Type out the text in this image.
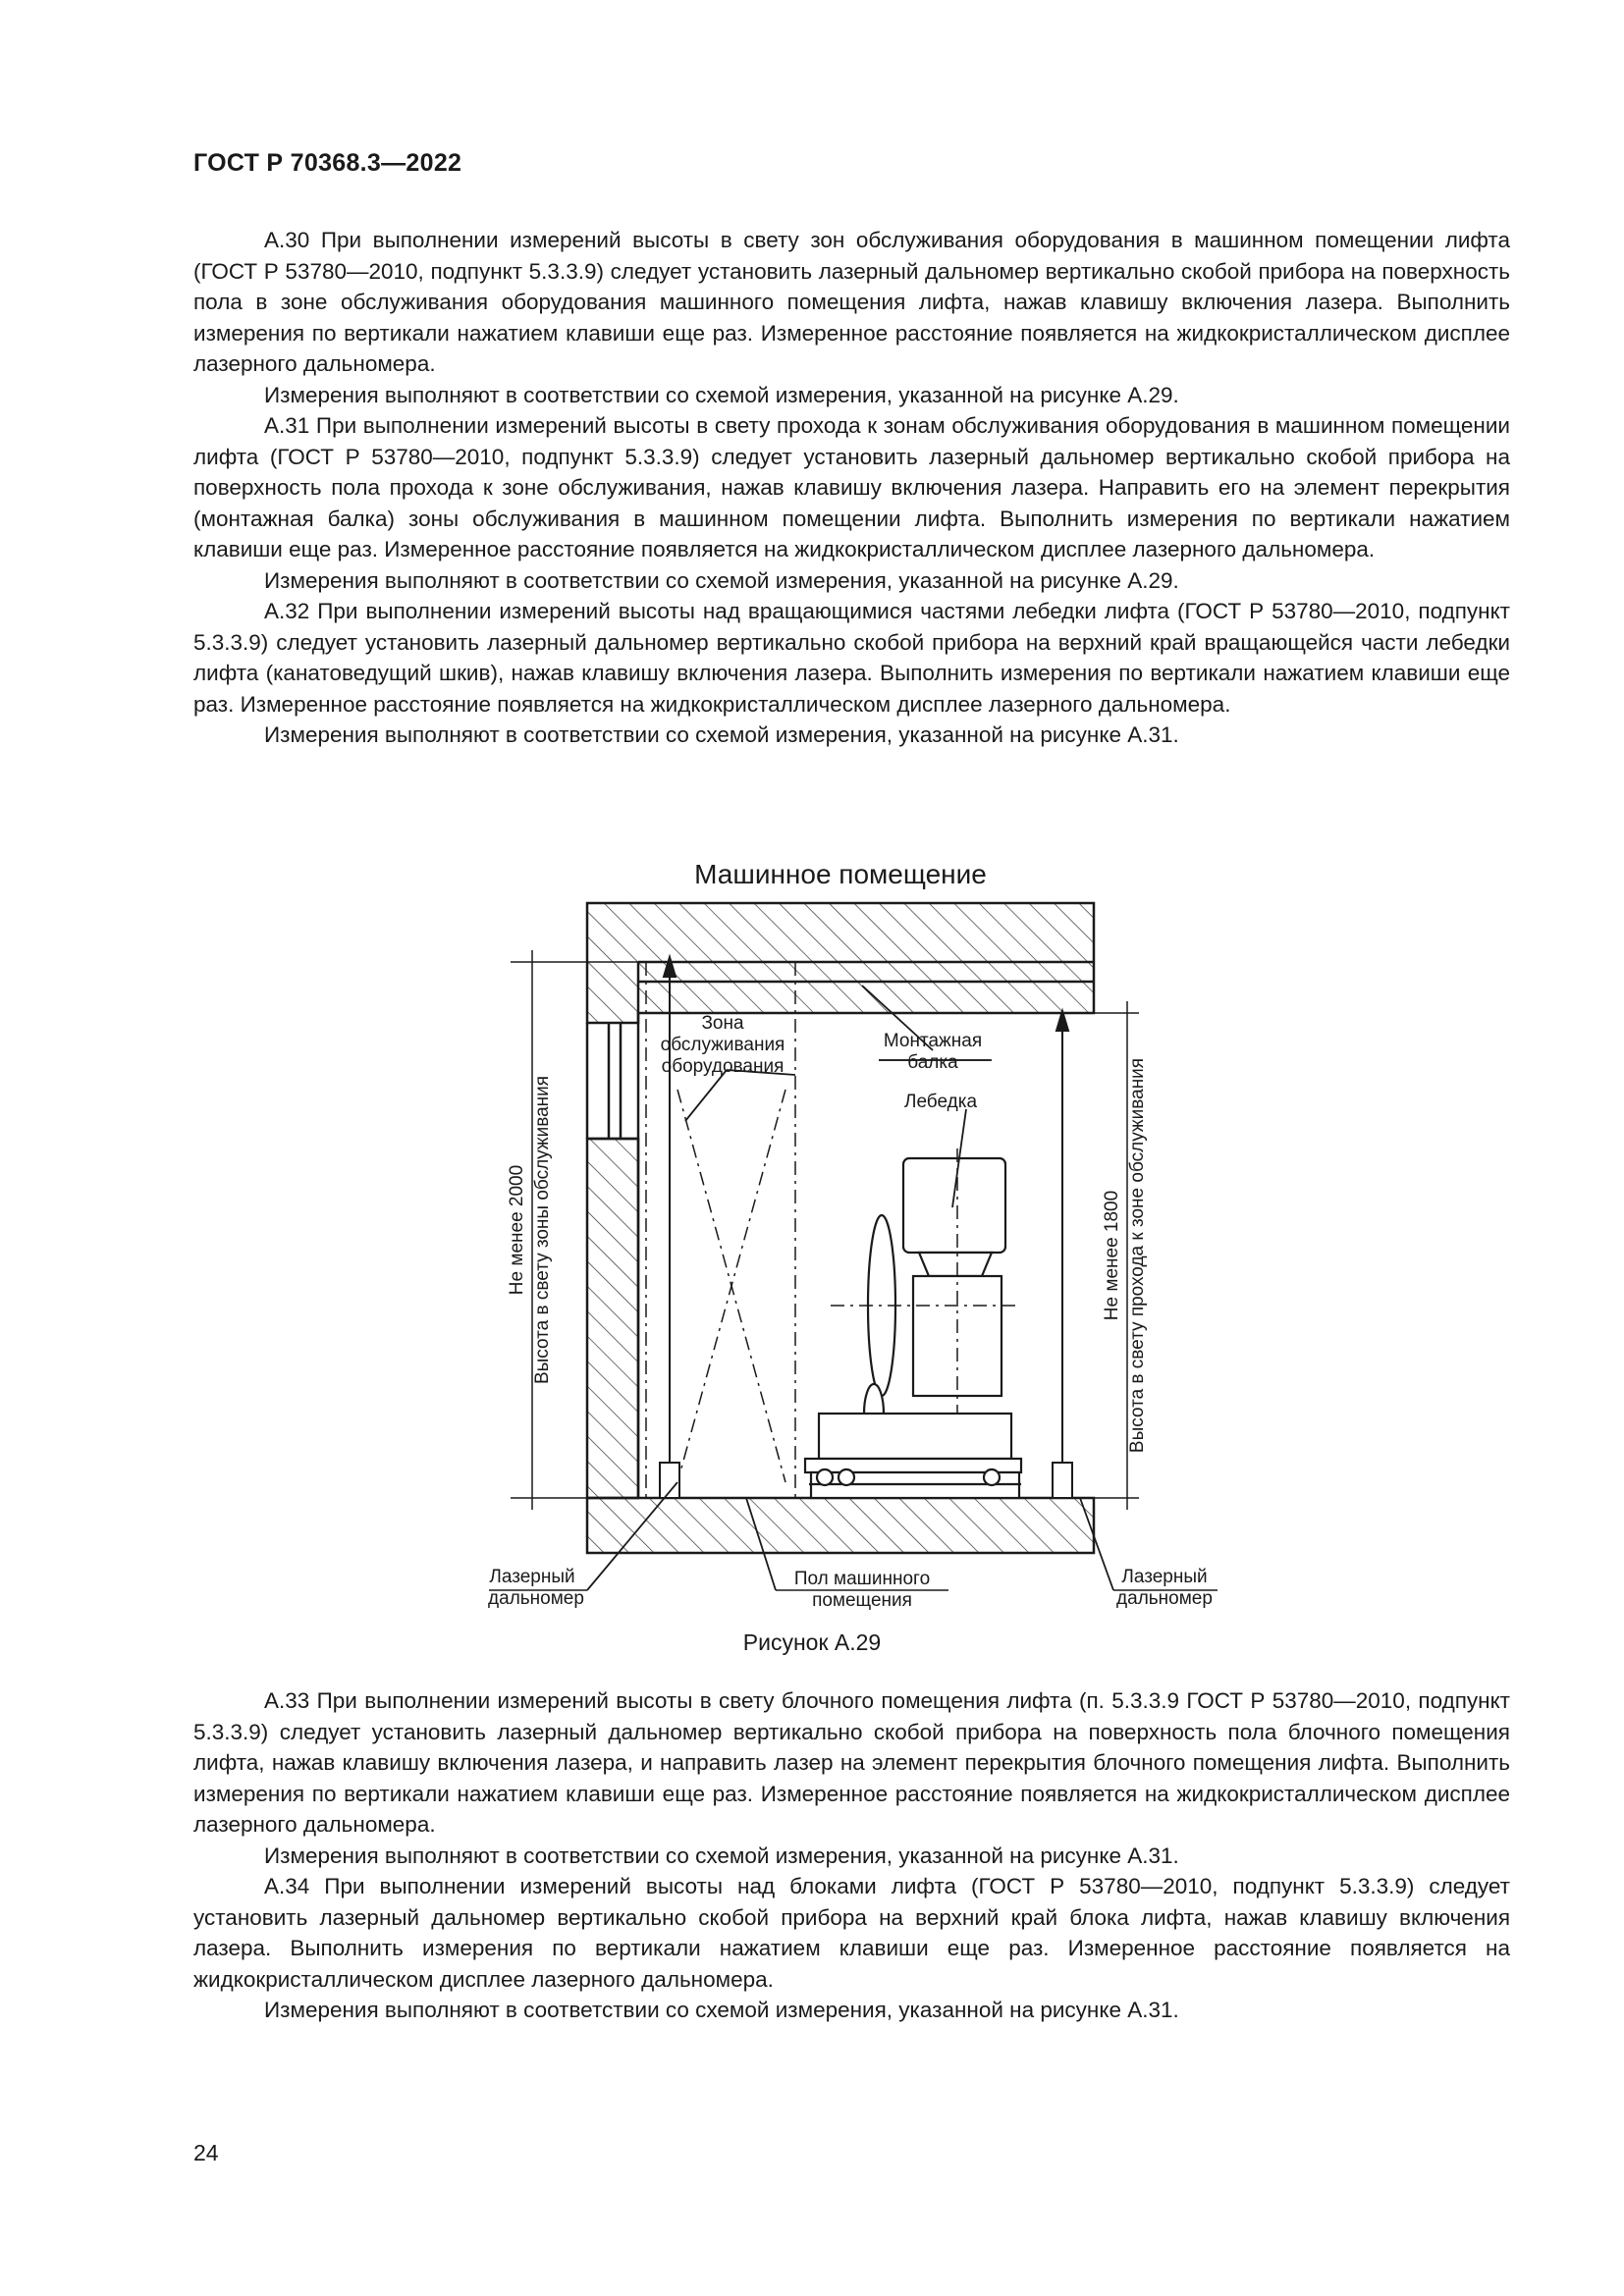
ГОСТ Р 70368.3—2022

А.30 При выполнении измерений высоты в свету зон обслуживания оборудования в машинном помещении лифта (ГОСТ Р 53780—2010, подпункт 5.3.3.9) следует установить лазерный дальномер вертикально скобой прибора на поверхность пола в зоне обслуживания оборудования машинного помещения лифта, нажав клавишу включения лазера. Выполнить измерения по вертикали нажатием клавиши еще раз. Измеренное расстояние появляется на жидкокристаллическом дисплее лазерного дальномера.

Измерения выполняют в соответствии со схемой измерения, указанной на рисунке А.29.

А.31 При выполнении измерений высоты в свету прохода к зонам обслуживания оборудования в машинном помещении лифта (ГОСТ Р 53780—2010, подпункт 5.3.3.9) следует установить лазерный дальномер вертикально скобой прибора на поверхность пола прохода к зоне обслуживания, нажав клавишу включения лазера. Направить его на элемент перекрытия (монтажная балка) зоны обслуживания в машинном помещении лифта. Выполнить измерения по вертикали нажатием клавиши еще раз. Измеренное расстояние появляется на жидкокристаллическом дисплее лазерного дальномера.

Измерения выполняют в соответствии со схемой измерения, указанной на рисунке А.29.

А.32 При выполнении измерений высоты над вращающимися частями лебедки лифта (ГОСТ Р 53780—2010, подпункт 5.3.3.9) следует установить лазерный дальномер вертикально скобой прибора на верхний край вращающейся части лебедки лифта (канатоведущий шкив), нажав клавишу включения лазера. Выполнить измерения по вертикали нажатием клавиши еще раз. Измеренное расстояние появляется на жидкокристаллическом дисплее лазерного дальномера.

Измерения выполняют в соответствии со схемой измерения, указанной на рисунке А.31.

Машинное помещение
Зона
обслуживания
оборудования
Монтажная
балка
Лебедка
Не менее 2000 Высота в свету зоны обслуживания	Не менее 1800 Высота в свету прохода к зоне обслуживания
Лазерный
дальномер
Пол машинного
помещения
Лазерный
дальномер
Рисунок А.29

А.33 При выполнении измерений высоты в свету блочного помещения лифта (п. 5.3.3.9 ГОСТ Р 53780—2010, подпункт 5.3.3.9) следует установить лазерный дальномер вертикально скобой прибора на поверхность пола блочного помещения лифта, нажав клавишу включения лазера, и направить лазер на элемент перекрытия блочного помещения лифта. Выполнить измерения по вертикали нажатием клавиши еще раз. Измеренное расстояние появляется на жидкокристаллическом дисплее лазерного дальномера.

Измерения выполняют в соответствии со схемой измерения, указанной на рисунке А.31.

А.34 При выполнении измерений высоты над блоками лифта (ГОСТ Р 53780—2010, подпункт 5.3.3.9) следует установить лазерный дальномер вертикально скобой прибора на верхний край блока лифта, нажав клавишу включения лазера. Выполнить измерения по вертикали нажатием клавиши еще раз. Измеренное расстояние появляется на жидкокристаллическом дисплее лазерного дальномера.

Измерения выполняют в соответствии со схемой измерения, указанной на рисунке А.31.

24
